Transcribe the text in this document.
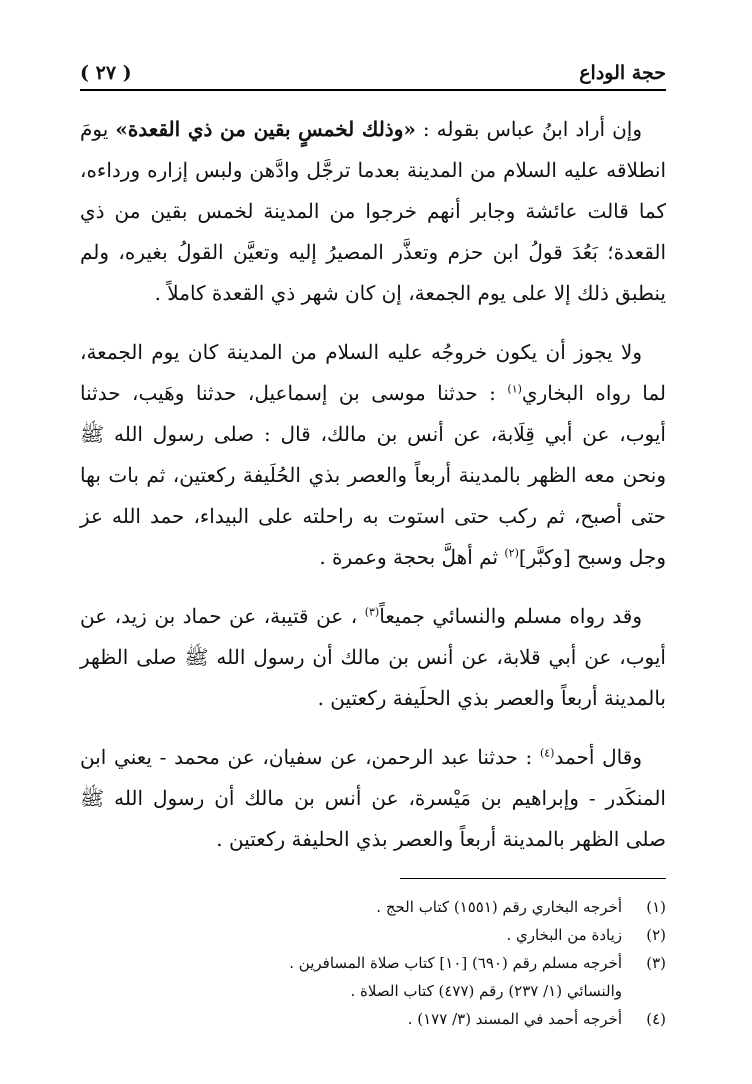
حجة الوداع
( ٢٧ )

وإن أراد ابنُ عباس بقوله : «وذلك لخمسٍ بقين من ذي القعدة» يومَ انطلاقه عليه السلام من المدينة بعدما ترجَّل وادَّهن ولبس إزاره ورداءه، كما قالت عائشة وجابر أنهم خرجوا من المدينة لخمس بقين من ذي القعدة؛ بَعُدَ قولُ ابن حزم وتعذَّر المصيرُ إليه وتعيَّن القولُ بغيره، ولم ينطبق ذلك إلا على يوم الجمعة، إن كان شهر ذي القعدة كاملاً .

ولا يجوز أن يكون خروجُه عليه السلام من المدينة كان يوم الجمعة، لما رواه البخاري$^{(١)}$ : حدثنا موسى بن إسماعيل، حدثنا وهَيب، حدثنا أيوب، عن أبي قِلَابة، عن أنس بن مالك، قال : صلى رسول الله ﷺ ونحن معه الظهر بالمدينة أربعاً والعصر بذي الحُلَيفة ركعتين، ثم بات بها حتى أصبح، ثم ركب حتى استوت به راحلته على البيداء، حمد الله عز وجل وسبح [وكبَّر]$^{(٢)}$ ثم أهلَّ بحجة وعمرة .

وقد رواه مسلم والنسائي جميعاً$^{(٣)}$ ، عن قتيبة، عن حماد بن زيد، عن أيوب، عن أبي قلابة، عن أنس بن مالك أن رسول الله ﷺ صلى الظهر بالمدينة أربعاً والعصر بذي الحلَيفة ركعتين .

وقال أحمد$^{(٤)}$ : حدثنا عبد الرحمن، عن سفيان، عن محمد - يعني ابن المنكَدر - وإبراهيم بن مَيْسرة، عن أنس بن مالك أن رسول الله ﷺ صلى الظهر بالمدينة أربعاً والعصر بذي الحليفة ركعتين .

(١)
أخرجه البخاري رقم (١٥٥١) كتاب الحج .
(٢)
زيادة من البخاري .
(٣)
أخرجه مسلم رقم (٦٩٠) [١٠] كتاب صلاة المسافرين .
والنسائي (١/ ٢٣٧) رقم (٤٧٧) كتاب الصلاة .
(٤)
أخرجه أحمد في المسند (٣/ ١٧٧) .
